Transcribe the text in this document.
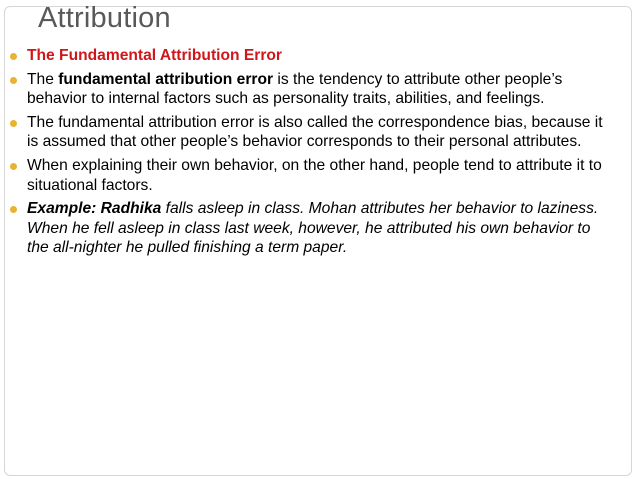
Attribution
The Fundamental Attribution Error
The fundamental attribution error is the tendency to attribute other people’s behavior to internal factors such as personality traits, abilities, and feelings.
The fundamental attribution error is also called the correspondence bias, because it is assumed that other people’s behavior corresponds to their personal attributes.
When explaining their own behavior, on the other hand, people tend to attribute it to situational factors.
Example: Radhika falls asleep in class. Mohan attributes her behavior to laziness. When he fell asleep in class last week, however, he attributed his own behavior to the all-nighter he pulled finishing a term paper.
